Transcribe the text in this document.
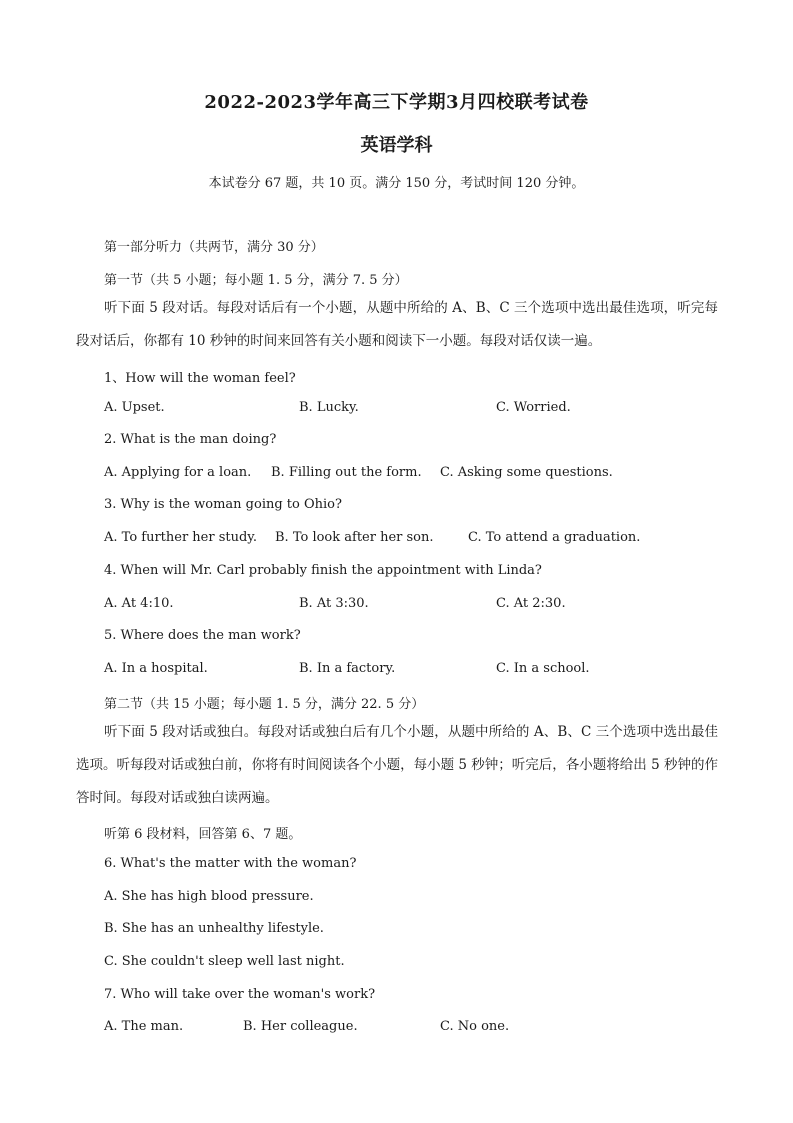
2022-2023学年高三下学期3月四校联考试卷
英语学科
本试卷分 67 题，共 10 页。满分 150 分，考试时间 120 分钟。
第一部分听力（共两节，满分 30 分）
第一节（共 5 小题；每小题 1. 5 分，满分 7. 5 分）
听下面 5 段对话。每段对话后有一个小题，从题中所给的 A、B、C 三个选项中选出最佳选项，听完每段对话后，你都有 10 秒钟的时间来回答有关小题和阅读下一小题。每段对话仅读一遍。
1、How will the woman feel?
A. Upset.	B. Lucky.	C. Worried.
2. What is the man doing?
A. Applying for a loan. B. Filling out the form. C. Asking some questions.
3. Why is the woman going to Ohio?
A. To further her study. B. To look after her son.	C. To attend a graduation.
4. When will Mr. Carl probably finish the appointment with Linda?
A. At 4:10.	B. At 3:30.	C. At 2:30.
5. Where does the man work?
A. In a hospital.	B. In a factory.	C. In a school.
第二节（共 15 小题；每小题 1. 5 分，满分 22. 5 分）
听下面 5 段对话或独白。每段对话或独白后有几个小题，从题中所给的 A、B、C 三个选项中选出最佳选项。听每段对话或独白前，你将有时间阅读各个小题，每小题 5 秒钟；听完后，各小题将给出 5 秒钟的作答时间。每段对话或独白读两遍。
听第 6 段材料，回答第 6、7 题。
6. What's the matter with the woman?
A. She has high blood pressure.
B. She has an unhealthy lifestyle.
C. She couldn't sleep well last night.
7. Who will take over the woman's work?
A. The man.	B. Her colleague.	C. No one.
